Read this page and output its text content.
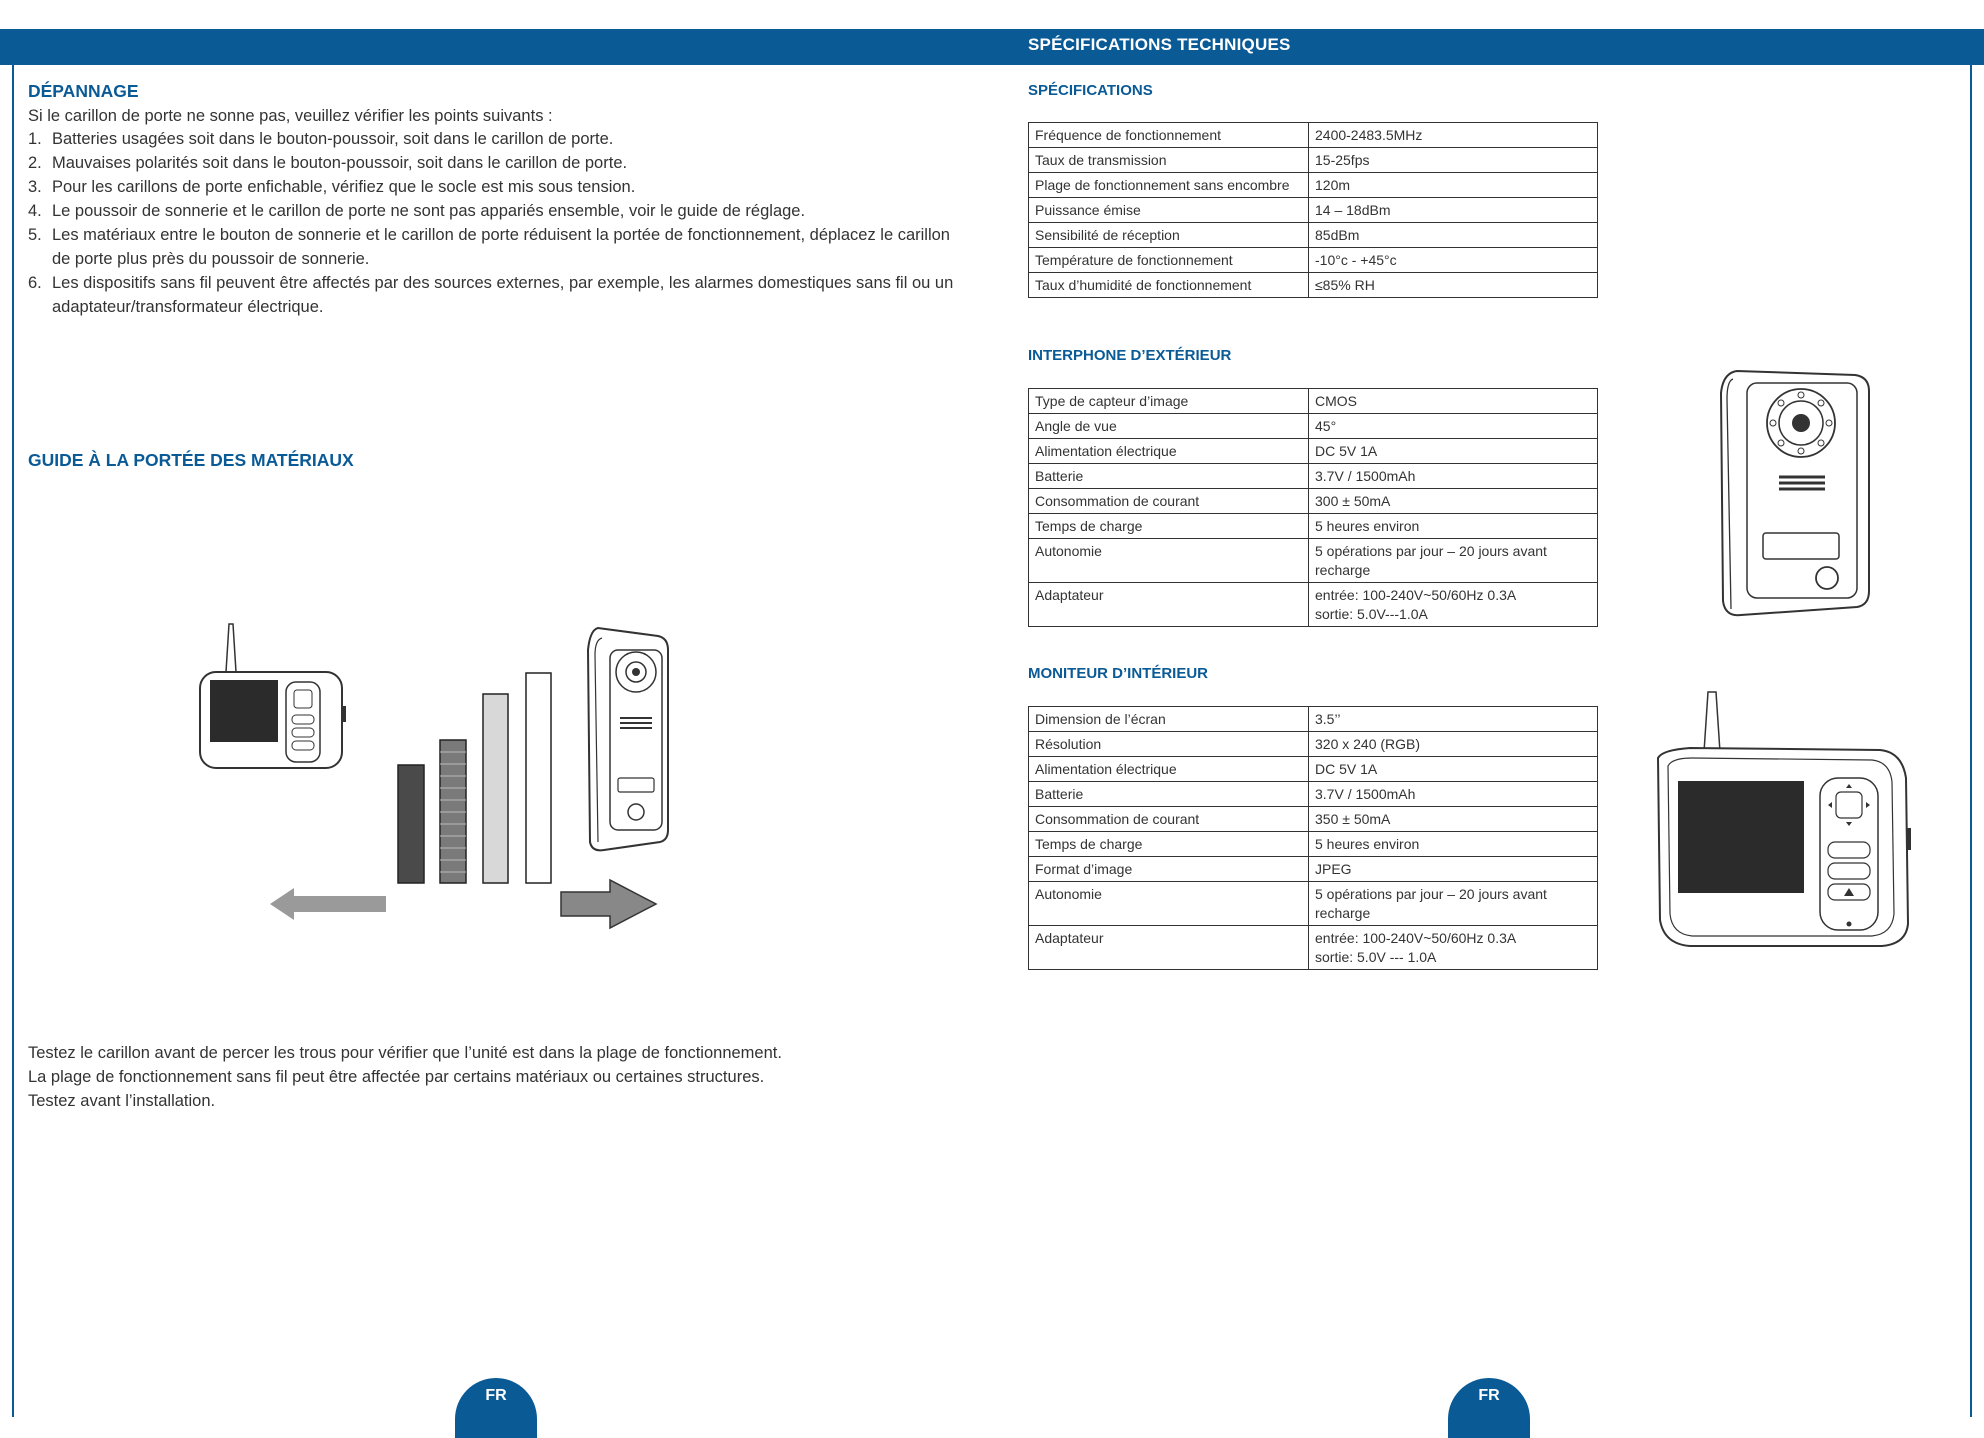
SPÉCIFICATIONS TECHNIQUES
DÉPANNAGE
Si le carillon de porte ne sonne pas, veuillez vérifier les points suivants :
1. Batteries usagées soit dans le bouton-poussoir, soit dans le carillon de porte.
2. Mauvaises polarités soit dans le bouton-poussoir, soit dans le carillon de porte.
3. Pour les carillons de porte enfichable, vérifiez que le socle est mis sous tension.
4. Le poussoir de sonnerie et le carillon de porte ne sont pas appariés ensemble, voir le guide de réglage.
5. Les matériaux entre le bouton de sonnerie et le carillon de porte réduisent la portée de fonctionnement, déplacez le carillon de porte plus près du poussoir de sonnerie.
6. Les dispositifs sans fil peuvent être affectés par des sources externes, par exemple, les alarmes domestiques sans fil ou un adaptateur/transformateur électrique.
GUIDE À LA PORTÉE DES MATÉRIAUX
Testez le carillon avant de percer les trous pour vérifier que l’unité est dans la plage de fonctionnement.
La plage de fonctionnement sans fil peut être affectée par certains matériaux ou certaines structures.
Testez avant l’installation.
SPÉCIFICATIONS
Fréquence de fonctionnement	2400-2483.5MHz
Taux de transmission	15-25fps
Plage de fonctionnement sans encombre	120m
Puissance émise	14 – 18dBm
Sensibilité de réception	85dBm
Température de fonctionnement	-10°c - +45°c
Taux d’humidité de fonctionnement	≤85% RH
INTERPHONE D’EXTÉRIEUR
Type de capteur d’image	CMOS
Angle de vue	45°
Alimentation électrique	DC 5V 1A
Batterie	3.7V / 1500mAh
Consommation de courant	300 ± 50mA
Temps de charge	5 heures environ
Autonomie	5 opérations par jour – 20 jours avant recharge
Adaptateur	entrée: 100-240V~50/60Hz 0.3A
sortie: 5.0V---1.0A
MONITEUR D’INTÉRIEUR
Dimension de l’écran	3.5’’
Résolution	320 x 240 (RGB)
Alimentation électrique	DC 5V 1A
Batterie	3.7V / 1500mAh
Consommation de courant	350 ± 50mA
Temps de charge	5 heures environ
Format d’image	JPEG
Autonomie	5 opérations par jour – 20 jours avant recharge
Adaptateur	entrée: 100-240V~50/60Hz 0.3A
sortie: 5.0V --- 1.0A
FR	FR
